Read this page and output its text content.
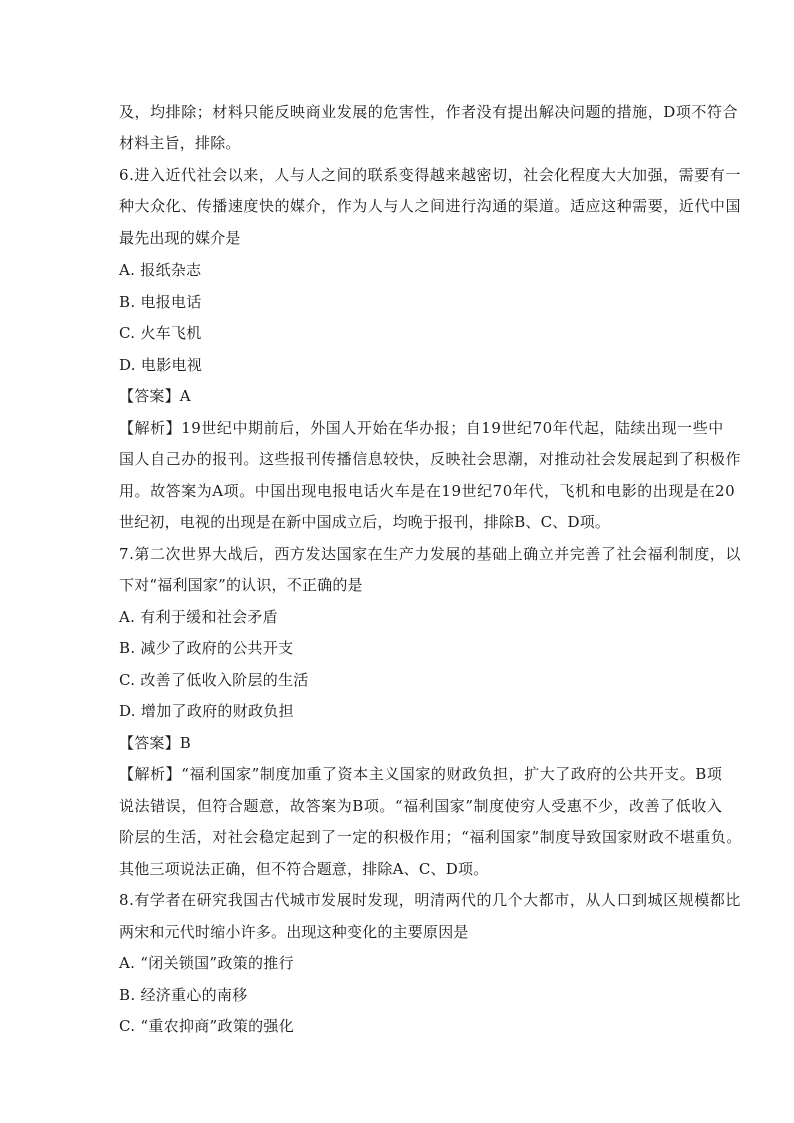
及，均排除；材料只能反映商业发展的危害性，作者没有提出解决问题的措施，D项不符合
材料主旨，排除。
6.进入近代社会以来，人与人之间的联系变得越来越密切，社会化程度大大加强，需要有一
种大众化、传播速度快的媒介，作为人与人之间进行沟通的渠道。适应这种需要，近代中国
最先出现的媒介是
A. 报纸杂志
B. 电报电话
C. 火车飞机
D. 电影电视
【答案】A
【解析】19世纪中期前后，外国人开始在华办报；自19世纪70年代起，陆续出现一些中
国人自己办的报刊。这些报刊传播信息较快，反映社会思潮，对推动社会发展起到了积极作
用。故答案为A项。中国出现电报电话火车是在19世纪70年代，飞机和电影的出现是在20
世纪初，电视的出现是在新中国成立后，均晚于报刊，排除B、C、D项。
7.第二次世界大战后，西方发达国家在生产力发展的基础上确立并完善了社会福利制度，以
下对“福利国家”的认识，不正确的是
A. 有利于缓和社会矛盾
B. 减少了政府的公共开支
C. 改善了低收入阶层的生活
D. 增加了政府的财政负担
【答案】B
【解析】“福利国家”制度加重了资本主义国家的财政负担，扩大了政府的公共开支。B项
说法错误，但符合题意，故答案为B项。“福利国家”制度使穷人受惠不少，改善了低收入
阶层的生活，对社会稳定起到了一定的积极作用；“福利国家”制度导致国家财政不堪重负。
其他三项说法正确，但不符合题意，排除A、C、D项。
8.有学者在研究我国古代城市发展时发现，明清两代的几个大都市，从人口到城区规模都比
两宋和元代时缩小许多。出现这种变化的主要原因是
A. “闭关锁国”政策的推行
B. 经济重心的南移
C. “重农抑商”政策的强化
